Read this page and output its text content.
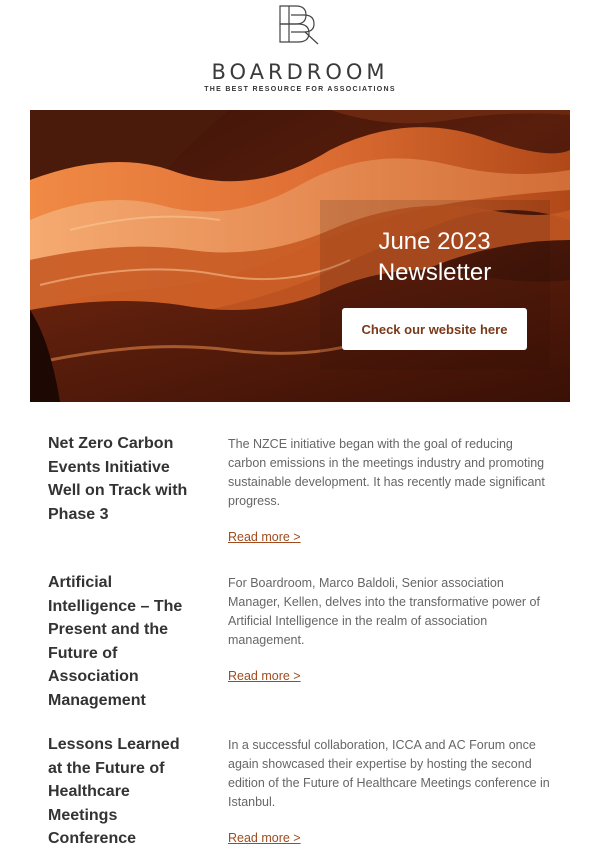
BOARDROOM
THE BEST RESOURCE FOR ASSOCIATIONS
June 2023
Newsletter
Check our website here
Net Zero Carbon Events Initiative Well on Track with Phase 3
The NZCE initiative began with the goal of reducing carbon emissions in the meetings industry and promoting sustainable development. It has recently made significant progress.
Read more >
Artificial Intelligence – The Present and the Future of Association Management
For Boardroom, Marco Baldoli, Senior association Manager, Kellen, delves into the transformative power of Artificial Intelligence in the realm of association management.
Read more >
Lessons Learned at the Future of Healthcare Meetings Conference
In a successful collaboration, ICCA and AC Forum once again showcased their expertise by hosting the second edition of the Future of Healthcare Meetings conference in Istanbul.
Read more >
